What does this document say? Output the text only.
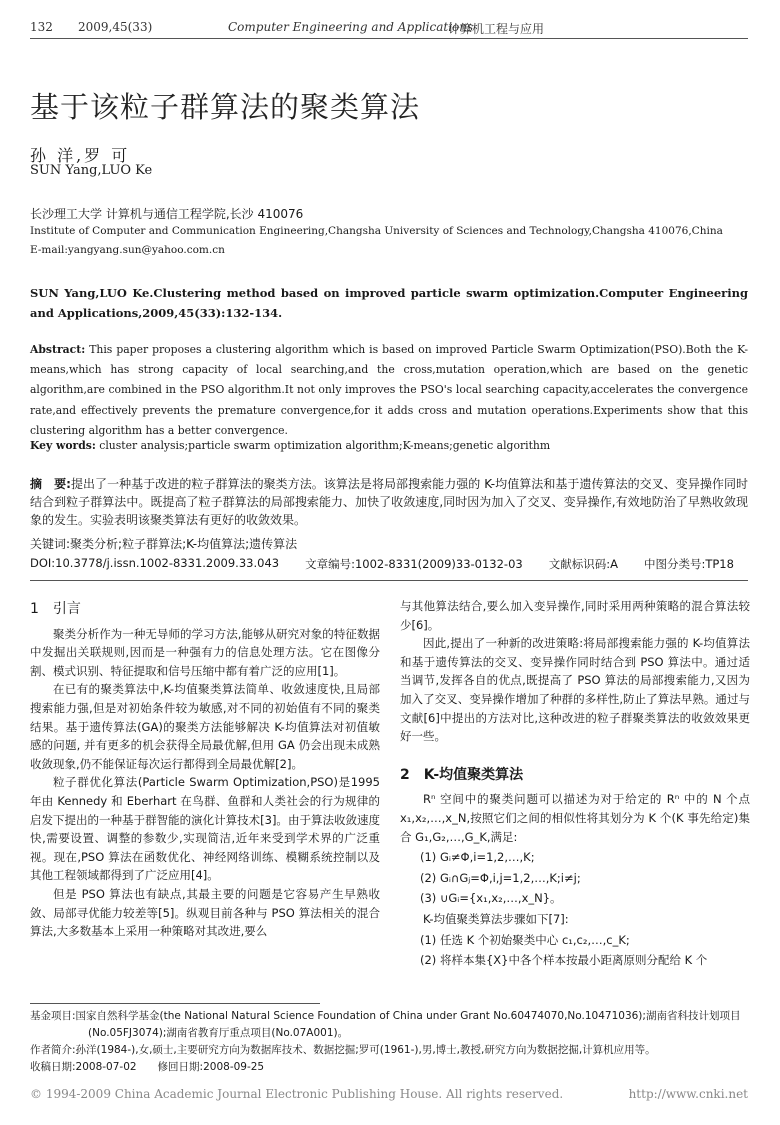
132 2009,45(33)	Computer Engineering and Applications
计算机工程与应用
基于该粒子群算法的聚类算法
孙 洋,罗 可
SUN Yang,LUO Ke
长沙理工大学 计算机与通信工程学院,长沙 410076
Institute of Computer and Communication Engineering,Changsha University of Sciences and Technology,Changsha 410076,China
E-mail:yangyang.sun@yahoo.com.cn
SUN Yang,LUO Ke.Clustering method based on improved particle swarm optimization.Computer Engineering and Applications,2009,45(33):132-134.
Abstract: This paper proposes a clustering algorithm which is based on improved Particle Swarm Optimization(PSO).Both the K-means,which has strong capacity of local searching,and the cross,mutation operation,which are based on the genetic algorithm,are combined in the PSO algorithm.It not only improves the PSO's local searching capacity,accelerates the convergence rate,and effectively prevents the premature convergence,for it adds cross and mutation operations.Experiments show that this clustering algorithm has a better convergence.
Key words: cluster analysis;particle swarm optimization algorithm;K-means;genetic algorithm
摘　要:提出了一种基于改进的粒子群算法的聚类方法。该算法是将局部搜索能力强的 K-均值算法和基于遗传算法的交叉、变异操作同时结合到粒子群算法中。既提高了粒子群算法的局部搜索能力、加快了收敛速度,同时因为加入了交叉、变异操作,有效地防治了早熟收敛现象的发生。实验表明该聚类算法有更好的收敛效果。
关键词:聚类分析;粒子群算法;K-均值算法;遗传算法
DOI:10.3778/j.issn.1002-8331.2009.33.043 文章编号:1002-8331(2009)33-0132-03 文献标识码:A 中图分类号:TP18
1　引言

聚类分析作为一种无导师的学习方法,能够从研究对象的特征数据中发掘出关联规则,因而是一种强有力的信息处理方法。它在图像分割、模式识别、特征提取和信号压缩中都有着广泛的应用[1]。

在已有的聚类算法中,K-均值聚类算法简单、收敛速度快,且局部搜索能力强,但是对初始条件较为敏感,对不同的初始值有不同的聚类结果。基于遗传算法(GA)的聚类方法能够解决 K-均值算法对初值敏感的问题, 并有更多的机会获得全局最优解,但用 GA 仍会出现未成熟收敛现象,仍不能保证每次运行都得到全局最优解[2]。

粒子群优化算法(Particle Swarm Optimization,PSO)是1995年由 Kennedy 和 Eberhart 在鸟群、鱼群和人类社会的行为规律的启发下提出的一种基于群智能的演化计算技术[3]。由于算法收敛速度快,需要设置、调整的参数少,实现简洁,近年来受到学术界的广泛重视。现在,PSO 算法在函数优化、神经网络训练、模糊系统控制以及其他工程领域都得到了广泛应用[4]。

但是 PSO 算法也有缺点,其最主要的问题是它容易产生早熟收敛、局部寻优能力较差等[5]。纵观目前各种与 PSO 算法相关的混合算法,大多数基本上采用一种策略对其改进,要么

与其他算法结合,要么加入变异操作,同时采用两种策略的混合算法较少[6]。

因此,提出了一种新的改进策略:将局部搜索能力强的 K-均值算法和基于遗传算法的交叉、变异操作同时结合到 PSO 算法中。通过适当调节,发挥各自的优点,既提高了 PSO 算法的局部搜索能力,又因为加入了交叉、变异操作增加了种群的多样性,防止了算法早熟。通过与文献[6]中提出的方法对比,这种改进的粒子群聚类算法的收敛效果更好一些。

2　K-均值聚类算法

Rⁿ 空间中的聚类问题可以描述为对于给定的 Rⁿ 中的 N 个点 x₁,x₂,…,x_N,按照它们之间的相似性将其划分为 K 个(K 事先给定)集合 G₁,G₂,…,G_K,满足:

(1) Gᵢ≠Φ,i=1,2,…,K;

(2) Gᵢ∩Gⱼ=Φ,i,j=1,2,…,K;i≠j;

(3) ∪Gᵢ={x₁,x₂,…,x_N}。

K-均值聚类算法步骤如下[7]:

(1) 任选 K 个初始聚类中心 c₁,c₂,…,c_K;

(2) 将样本集{X}中各个样本按最小距离原则分配给 K 个

基金项目:国家自然科学基金(the National Natural Science Foundation of China under Grant No.60474070,No.10471036);湖南省科技计划项目
(No.05FJ3074);湖南省教育厅重点项目(No.07A001)。
作者简介:孙洋(1984-),女,硕士,主要研究方向为数据库技术、数据挖掘;罗可(1961-),男,博士,教授,研究方向为数据挖掘,计算机应用等。
收稿日期:2008-07-02　　修回日期:2008-09-25
© 1994-2009 China Academic Journal Electronic Publishing House. All rights reserved.	http://www.cnki.net
